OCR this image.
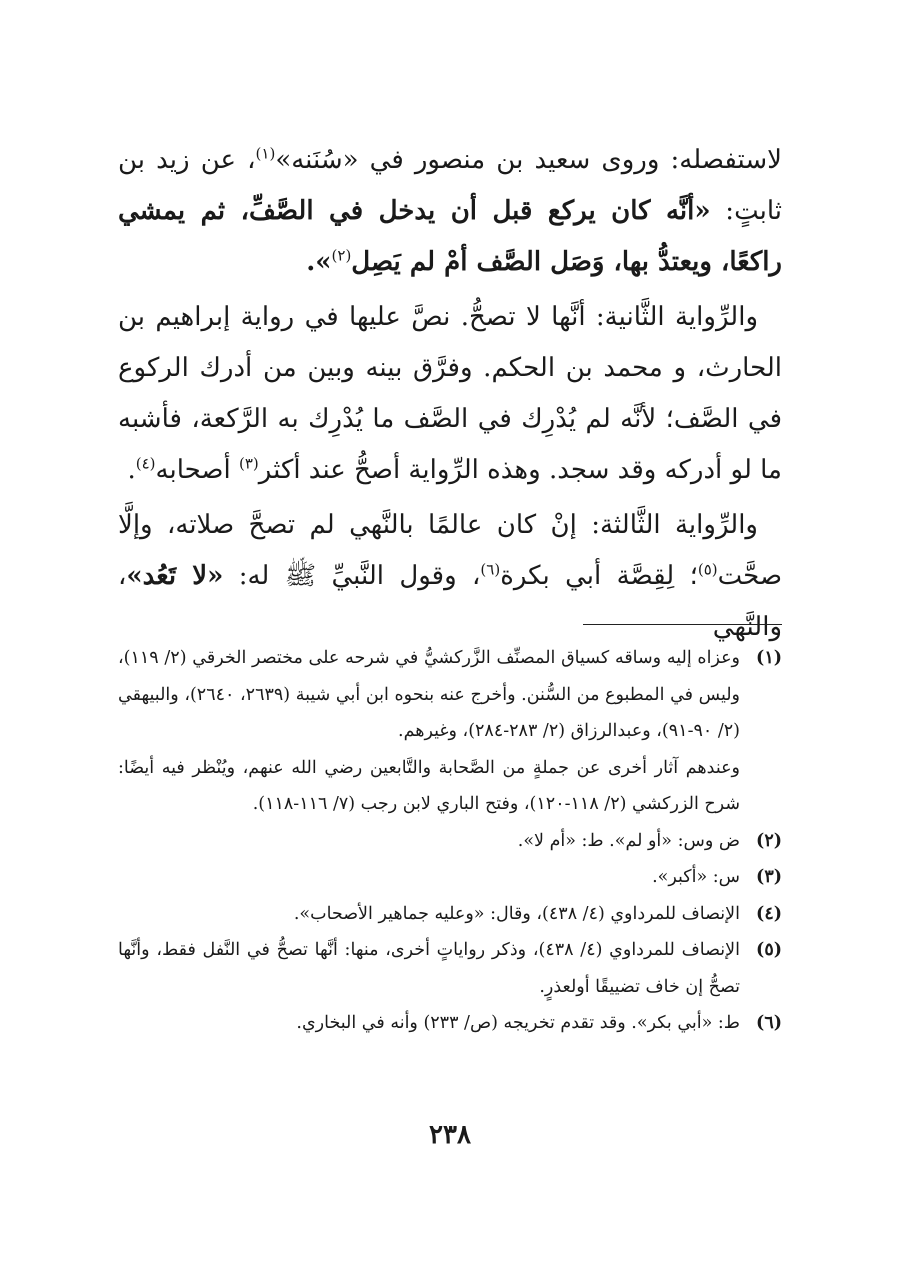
لاستفصله: وروى سعيد بن منصور في «سُنَنه»$^{(١)}$، عن زيد بن ثابتٍ: «أنَّه كان يركع قبل أن يدخل في الصَّفِّ، ثم يمشي راكعًا، ويعتدُّ بها، وَصَل الصَّف أمْ لم يَصِل$^{(٢)}$».

والرِّواية الثَّانية: أنَّها لا تصحُّ. نصَّ عليها في رواية إبراهيم بن الحارث، و محمد بن الحكم. وفرَّق بينه وبين من أدرك الركوع في الصَّف؛ لأنَّه لم يُدْرِك في الصَّف ما يُدْرِك به الرَّكعة، فأشبه ما لو أدركه وقد سجد. وهذه الرِّواية أصحُّ عند أكثر$^{(٣)}$ أصحابه$^{(٤)}$.

والرِّواية الثَّالثة: إنْ كان عالمًا بالنَّهي لم تصحَّ صلاته، وإلَّا صحَّت$^{(٥)}$؛ لِقِصَّة أبي بكرة$^{(٦)}$، وقول النَّبيِّ ﷺ له: «لا تَعُد»، والنَّهي

(١)
وعزاه إليه وساقه كسياق المصنِّف الزَّركشيُّ في شرحه على مختصر الخرقي (٢/ ١١٩)، وليس في المطبوع من السُّنن. وأخرج عنه بنحوه ابن أبي شيبة (٢٦٣٩، ٢٦٤٠)، والبيهقي (٢/ ٩٠-٩١)، وعبدالرزاق (٢/ ٢٨٣-٢٨٤)، وغيرهم.
وعندهم آثار أخرى عن جملةٍ من الصَّحابة والتَّابعين رضي الله عنهم، ويُنْظر فيه أيضًا: شرح الزركشي (٢/ ١١٨-١٢٠)، وفتح الباري لابن رجب (٧/ ١١٦-١١٨).
(٢)
ض وس: «أو لم». ط: «أم لا».
(٣)
س: «أكبر».
(٤)
الإنصاف للمرداوي (٤/ ٤٣٨)، وقال: «وعليه جماهير الأصحاب».
(٥)
الإنصاف للمرداوي (٤/ ٤٣٨)، وذكر رواياتٍ أخرى، منها: أنَّها تصحُّ في النَّفل فقط، وأنَّها تصحُّ إن خاف تضييقًا أولعذرٍ.
(٦)
ط: «أبي بكر». وقد تقدم تخريجه (ص/ ٢٣٣) وأنه في البخاري.
٢٣٨
